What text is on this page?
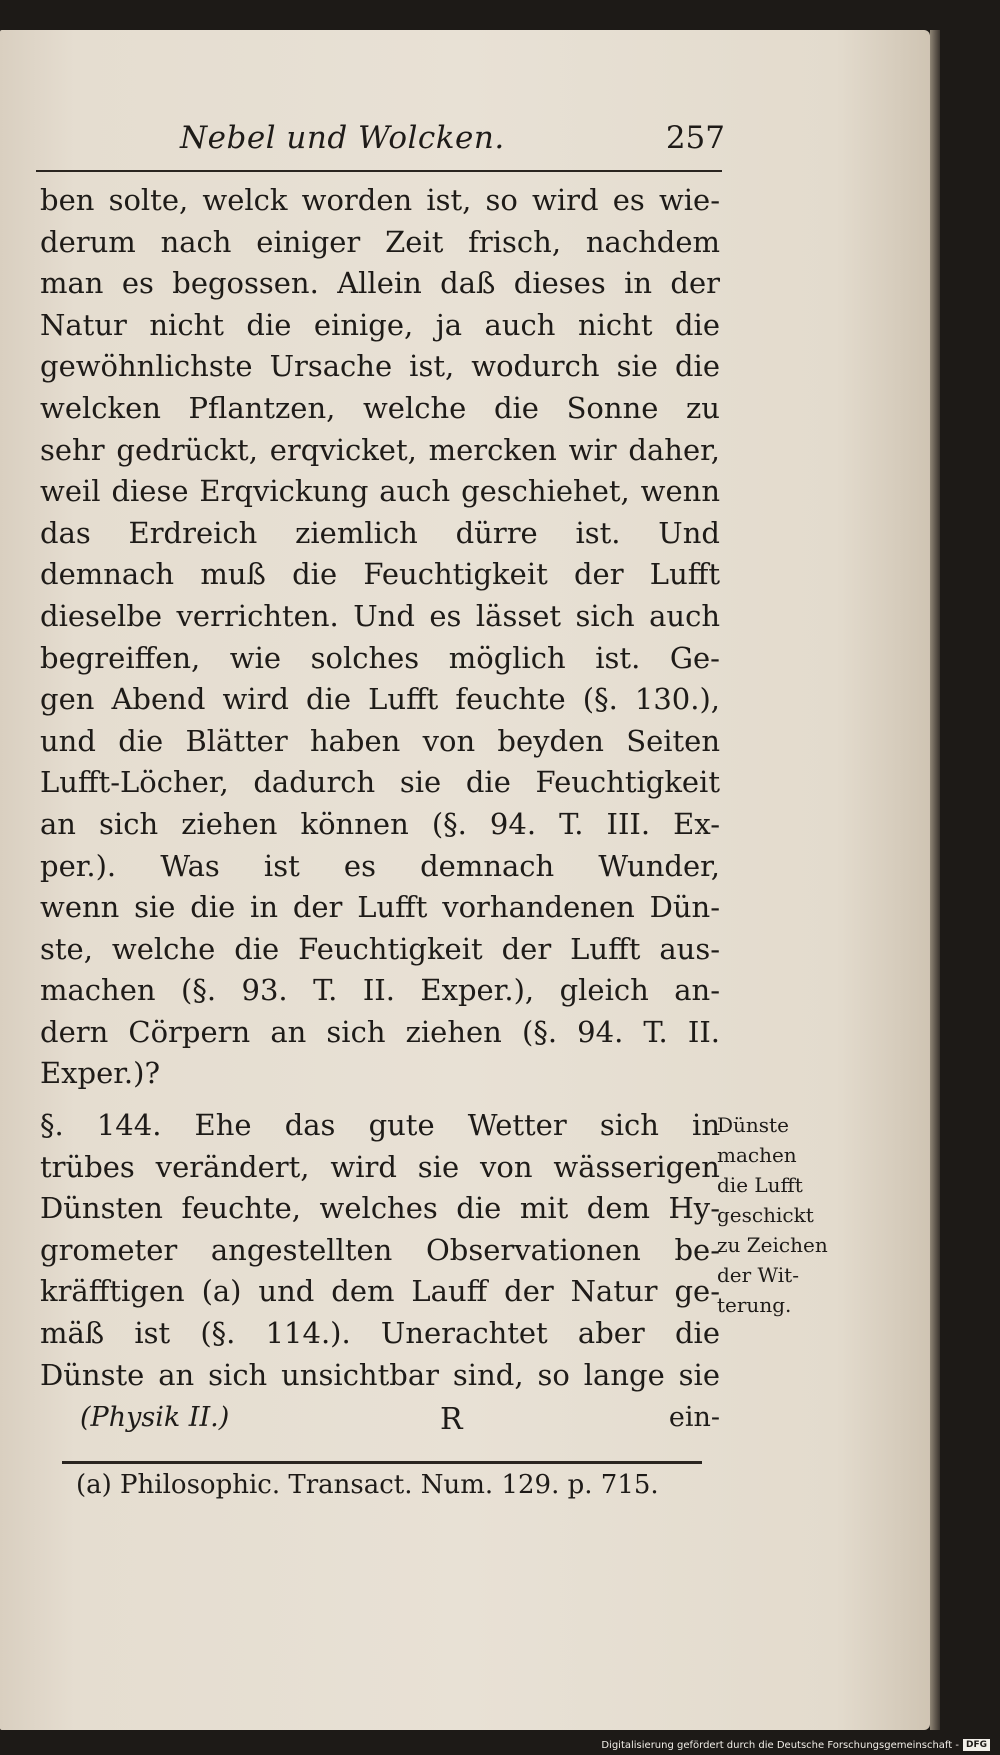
Nebel und Wolcken.	257
ben solte, welck worden ist, so wird es wie-
derum nach einiger Zeit frisch, nachdem
man es begossen. Allein daß dieses in der
Natur nicht die einige, ja auch nicht die
gewöhnlichste Ursache ist, wodurch sie die
welcken Pflantzen, welche die Sonne zu
sehr gedrückt, erqvicket, mercken wir daher,
weil diese Erqvickung auch geschiehet, wenn
das Erdreich ziemlich dürre ist. Und
demnach muß die Feuchtigkeit der Lufft
dieselbe verrichten. Und es lässet sich auch
begreiffen, wie solches möglich ist. Ge-
gen Abend wird die Lufft feuchte (§. 130.),
und die Blätter haben von beyden Seiten
Lufft-Löcher, dadurch sie die Feuchtigkeit
an sich ziehen können (§. 94. T. III. Ex-
per.). Was ist es demnach Wunder,
wenn sie die in der Lufft vorhandenen Dün-
ste, welche die Feuchtigkeit der Lufft aus-
machen (§. 93. T. II. Exper.), gleich an-
dern Cörpern an sich ziehen (§. 94. T. II.
Exper.)?
§. 144. Ehe das gute Wetter sich in
trübes verändert, wird sie von wässerigen
Dünsten feuchte, welches die mit dem Hy-
grometer angestellten Observationen be-
kräfftigen (a) und dem Lauff der Natur ge-
mäß ist (§. 114.). Unerachtet aber die
Dünste an sich unsichtbar sind, so lange sie
Dünste
machen
die Lufft
geschickt
zu Zeichen
der Wit-
terung.
(Physik II.)	R	ein-
(a) Philosophic. Transact. Num. 129. p. 715.
Digitalisierung gefördert durch die Deutsche Forschungsgemeinschaft - DFG
